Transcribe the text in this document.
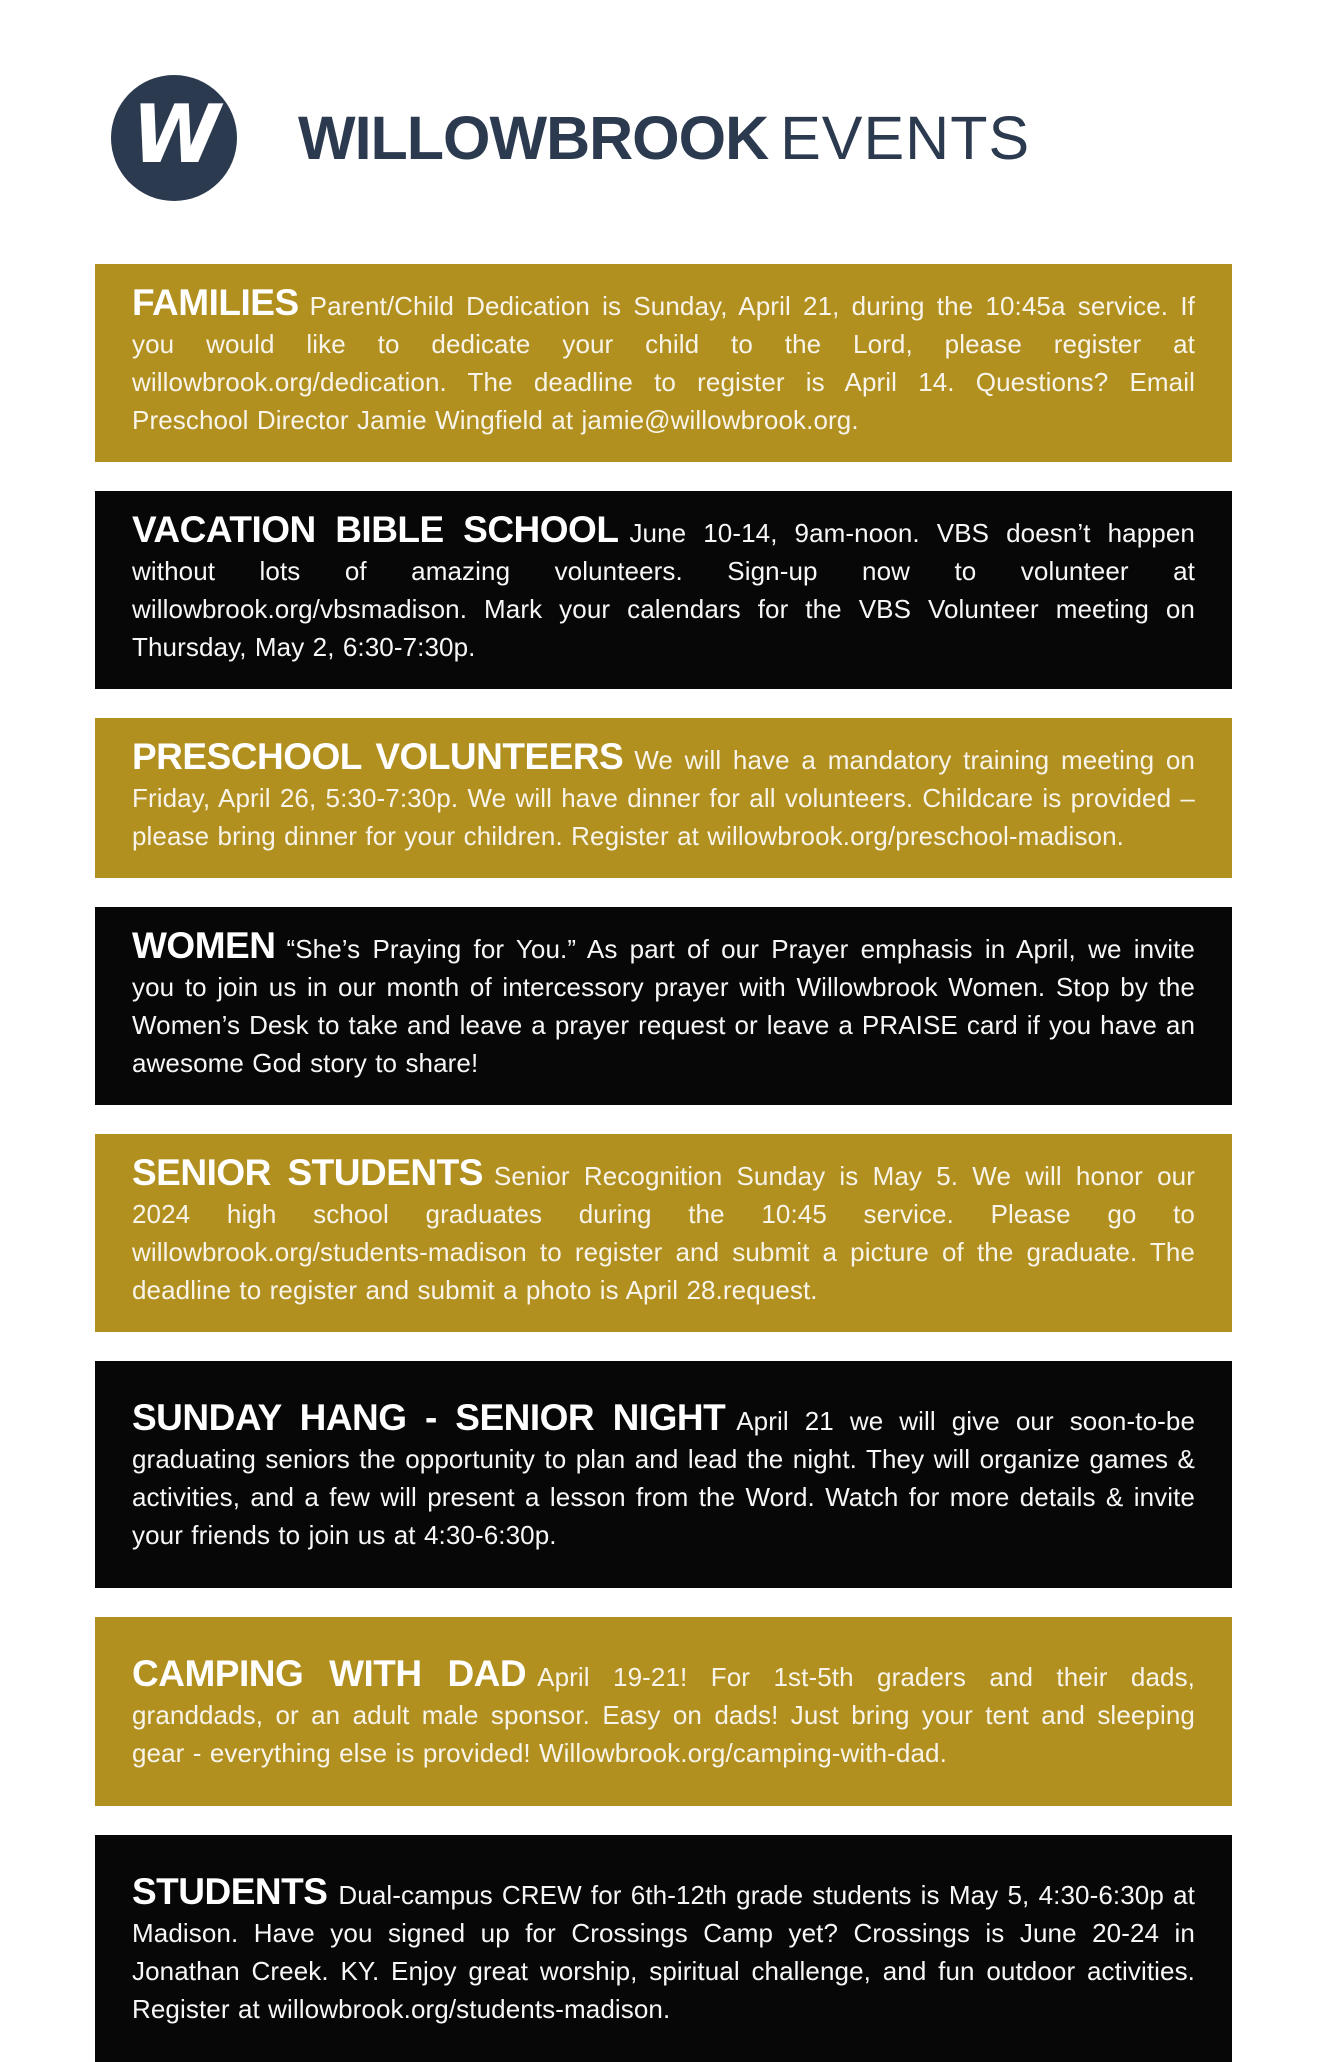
W WILLOWBROOK EVENTS

FAMILIES Parent/Child Dedication is Sunday, April 21, during the 10:45a service. If you would like to dedicate your child to the Lord, please register at willowbrook.org/dedication. The deadline to register is April 14. Questions? Email Preschool Director Jamie Wingfield at jamie@willowbrook.org.

VACATION BIBLE SCHOOL June 10-14, 9am-noon. VBS doesn’t happen without lots of amazing volunteers. Sign-up now to volunteer at willowbrook.org/vbsmadison. Mark your calendars for the VBS Volunteer meeting on Thursday, May 2, 6:30-7:30p.

PRESCHOOL VOLUNTEERS We will have a mandatory training meeting on Friday, April 26, 5:30-7:30p. We will have dinner for all volunteers. Childcare is provided – please bring dinner for your children. Register at willowbrook.org/preschool-madison.

WOMEN “She’s Praying for You.” As part of our Prayer emphasis in April, we invite you to join us in our month of intercessory prayer with Willowbrook Women. Stop by the Women’s Desk to take and leave a prayer request or leave a PRAISE card if you have an awesome God story to share!

SENIOR STUDENTS Senior Recognition Sunday is May 5. We will honor our 2024 high school graduates during the 10:45 service. Please go to willowbrook.org/students-madison to register and submit a picture of the graduate. The deadline to register and submit a photo is April 28.request.

SUNDAY HANG - SENIOR NIGHT April 21 we will give our soon-to-be graduating seniors the opportunity to plan and lead the night. They will organize games & activities, and a few will present a lesson from the Word. Watch for more details & invite your friends to join us at 4:30-6:30p.

CAMPING WITH DAD April 19-21! For 1st-5th graders and their dads, granddads, or an adult male sponsor. Easy on dads! Just bring your tent and sleeping gear - everything else is provided! Willowbrook.org/camping-with-dad.

STUDENTS Dual-campus CREW for 6th-12th grade students is May 5, 4:30-6:30p at Madison. Have you signed up for Crossings Camp yet? Crossings is June 20-24 in Jonathan Creek. KY. Enjoy great worship, spiritual challenge, and fun outdoor activities. Register at willowbrook.org/students-madison.
